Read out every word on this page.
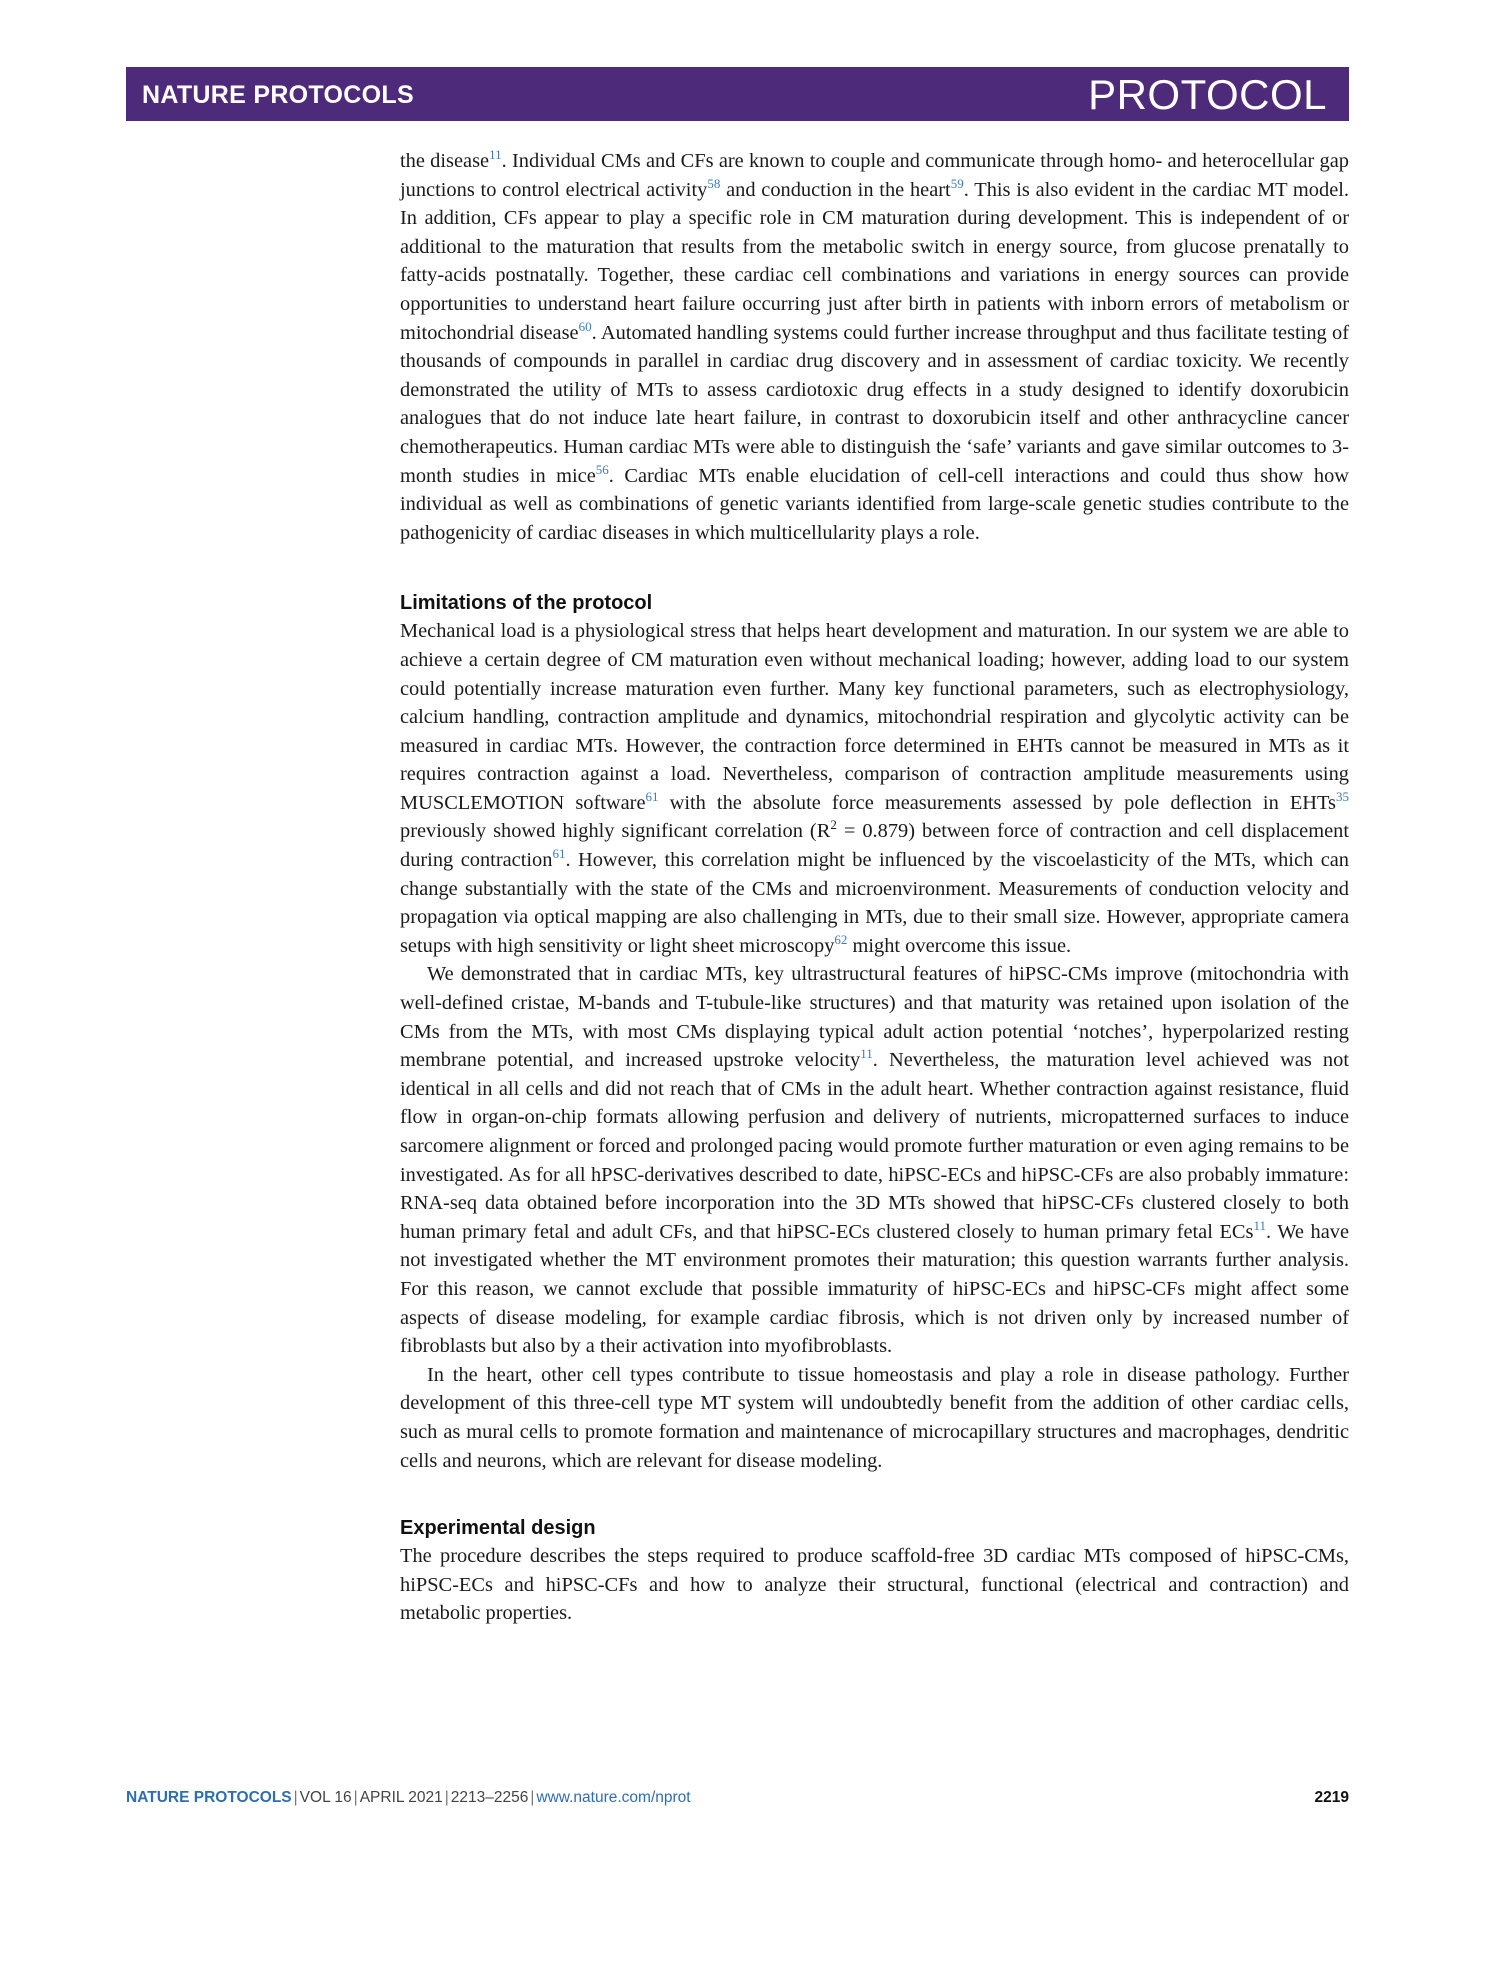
NATURE PROTOCOLS	PROTOCOL

the disease$^{11}$. Individual CMs and CFs are known to couple and communicate through homo- and heterocellular gap junctions to control electrical activity$^{58}$ and conduction in the heart$^{59}$. This is also evident in the cardiac MT model. In addition, CFs appear to play a specific role in CM maturation during development. This is independent of or additional to the maturation that results from the metabolic switch in energy source, from glucose prenatally to fatty-acids postnatally. Together, these cardiac cell combinations and variations in energy sources can provide opportunities to understand heart failure occurring just after birth in patients with inborn errors of metabolism or mitochondrial disease$^{60}$. Automated handling systems could further increase throughput and thus facilitate testing of thousands of compounds in parallel in cardiac drug discovery and in assessment of cardiac toxicity. We recently demonstrated the utility of MTs to assess cardiotoxic drug effects in a study designed to identify doxorubicin analogues that do not induce late heart failure, in contrast to doxorubicin itself and other anthracycline cancer chemotherapeutics. Human cardiac MTs were able to distinguish the ‘safe’ variants and gave similar outcomes to 3-month studies in mice$^{56}$. Cardiac MTs enable elucidation of cell-cell interactions and could thus show how individual as well as combinations of genetic variants identified from large-scale genetic studies contribute to the pathogenicity of cardiac diseases in which multicellularity plays a role.

Limitations of the protocol

Mechanical load is a physiological stress that helps heart development and maturation. In our system we are able to achieve a certain degree of CM maturation even without mechanical loading; however, adding load to our system could potentially increase maturation even further. Many key functional parameters, such as electrophysiology, calcium handling, contraction amplitude and dynamics, mitochondrial respiration and glycolytic activity can be measured in cardiac MTs. However, the contraction force determined in EHTs cannot be measured in MTs as it requires contraction against a load. Nevertheless, comparison of contraction amplitude measurements using MUSCLEMOTION software$^{61}$ with the absolute force measurements assessed by pole deflection in EHTs$^{35}$ previously showed highly significant correlation $(R^2 = 0.879)$ between force of contraction and cell displacement during contraction$^{61}$. However, this correlation might be influenced by the viscoelasticity of the MTs, which can change substantially with the state of the CMs and microenvironment. Measurements of conduction velocity and propagation via optical mapping are also challenging in MTs, due to their small size. However, appropriate camera setups with high sensitivity or light sheet microscopy$^{62}$ might overcome this issue.

We demonstrated that in cardiac MTs, key ultrastructural features of hiPSC-CMs improve (mitochondria with well-defined cristae, M-bands and T-tubule-like structures) and that maturity was retained upon isolation of the CMs from the MTs, with most CMs displaying typical adult action potential ‘notches’, hyperpolarized resting membrane potential, and increased upstroke velocity$^{11}$. Nevertheless, the maturation level achieved was not identical in all cells and did not reach that of CMs in the adult heart. Whether contraction against resistance, fluid flow in organ-on-chip formats allowing perfusion and delivery of nutrients, micropatterned surfaces to induce sarcomere alignment or forced and prolonged pacing would promote further maturation or even aging remains to be investigated. As for all hPSC-derivatives described to date, hiPSC-ECs and hiPSC-CFs are also probably immature: RNA-seq data obtained before incorporation into the 3D MTs showed that hiPSC-CFs clustered closely to both human primary fetal and adult CFs, and that hiPSC-ECs clustered closely to human primary fetal ECs$^{11}$. We have not investigated whether the MT environment promotes their maturation; this question warrants further analysis. For this reason, we cannot exclude that possible immaturity of hiPSC-ECs and hiPSC-CFs might affect some aspects of disease modeling, for example cardiac fibrosis, which is not driven only by increased number of fibroblasts but also by a their activation into myofibroblasts.

In the heart, other cell types contribute to tissue homeostasis and play a role in disease pathology. Further development of this three-cell type MT system will undoubtedly benefit from the addition of other cardiac cells, such as mural cells to promote formation and maintenance of microcapillary structures and macrophages, dendritic cells and neurons, which are relevant for disease modeling.

Experimental design

The procedure describes the steps required to produce scaffold-free 3D cardiac MTs composed of hiPSC-CMs, hiPSC-ECs and hiPSC-CFs and how to analyze their structural, functional (electrical and contraction) and metabolic properties.

NATURE PROTOCOLS | VOL 16 | APRIL 2021 | 2213–2256 | www.nature.com/nprot	2219
